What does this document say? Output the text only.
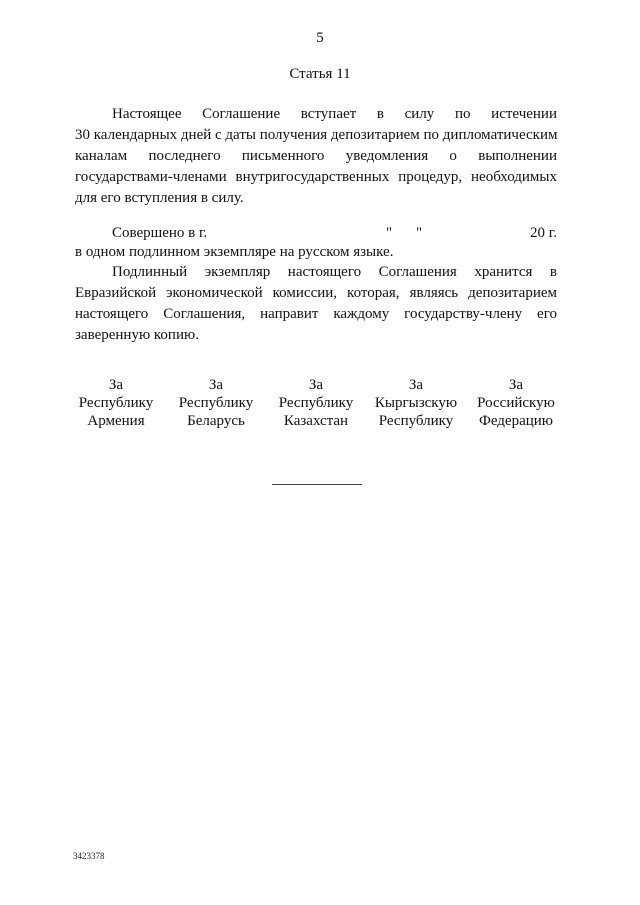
5
Статья 11

Настоящее Соглашение вступает в силу по истечении
30 календарных дней с даты получения депозитарием по дипломатическим
каналам последнего письменного уведомления о выполнении
государствами-членами внутригосударственных процедур, необходимых
для его вступления в силу.

Совершено в г.	" "	20 г.
в одном подлинном экземпляре на русском языке.

Подлинный экземпляр настоящего Соглашения хранится в
Евразийской экономической комиссии, которая, являясь депозитарием
настоящего Соглашения, направит каждому государству-члену его
заверенную копию.

За
Республику
Армения
За
Республику
Беларусь
За
Республику
Казахстан
За
Кыргызскую
Республику
За
Российскую
Федерацию
3423378
